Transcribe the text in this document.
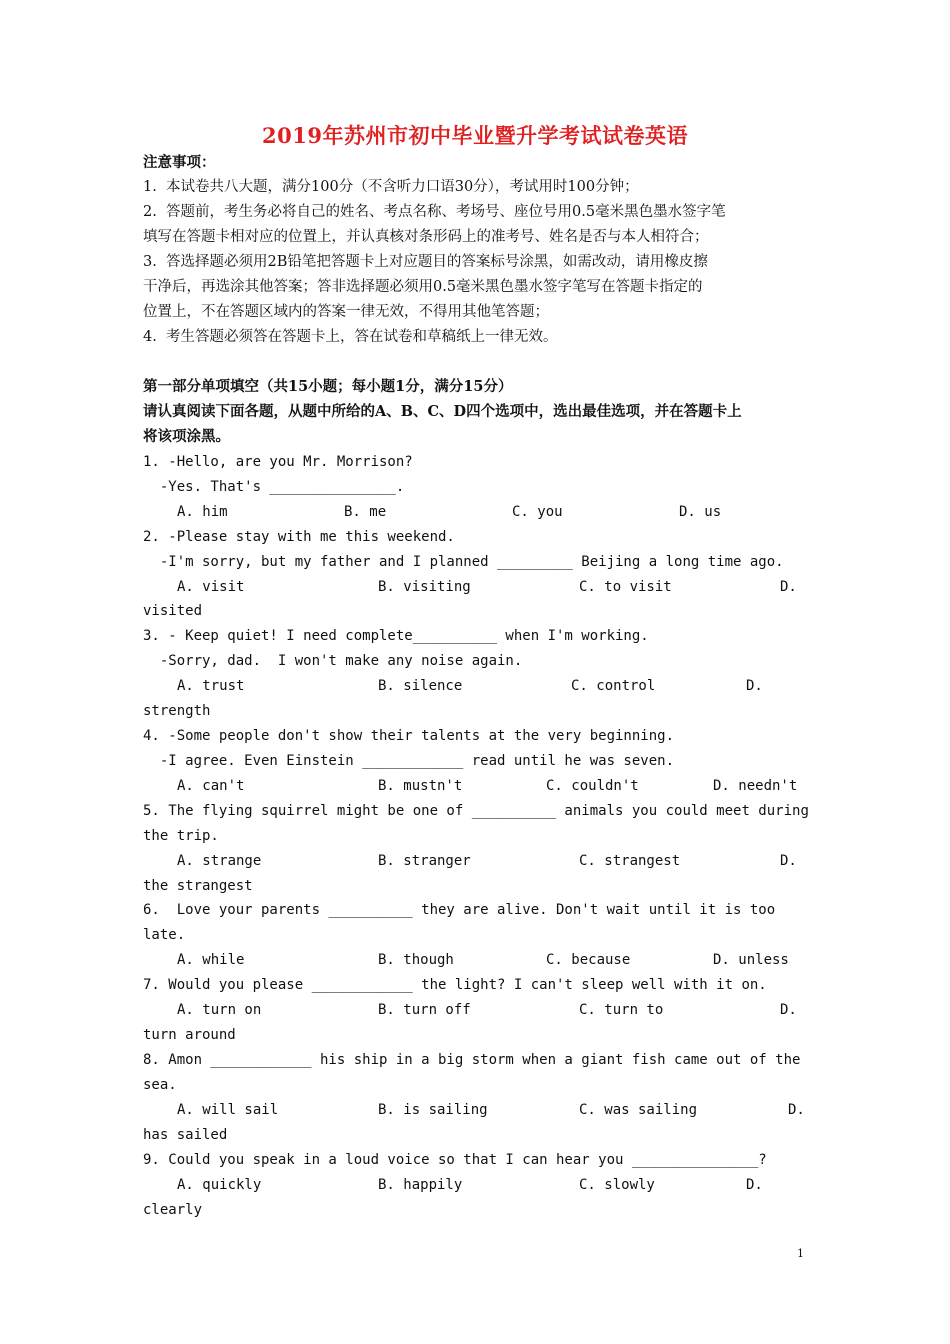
2019年苏州市初中毕业暨升学考试试卷英语
注意事项：
1.  本试卷共八大题，满分100分（不含听力口语30分），考试用时100分钟；
2.  答题前，考生务必将自己的姓名、考点名称、考场号、座位号用0.5毫米黑色墨水签字笔
填写在答题卡相对应的位置上，并认真核对条形码上的准考号、姓名是否与本人相符合；
3.  答选择题必须用2B铅笔把答题卡上对应题目的答案标号涂黑，如需改动，请用橡皮擦
干净后，再选涂其他答案；答非选择题必须用0.5毫米黑色墨水签字笔写在答题卡指定的
位置上，不在答题区域内的答案一律无效，不得用其他笔答题；
4.  考生答题必须答在答题卡上，答在试卷和草稿纸上一律无效。
第一部分单项填空（共15小题；每小题1分，满分15分）
请认真阅读下面各题，从题中所给的A、B、C、D四个选项中，选出最佳选项，并在答题卡上
将该项涂黑。
1. -Hello, are you Mr. Morrison?
-Yes. That's _______________.
A. him	B. me	C. you	D. us
2. -Please stay with me this weekend.
-I'm sorry, but my father and I planned _________ Beijing a long time ago.
A. visit	B. visiting	C. to visit	D.
visited
3. - Keep quiet! I need complete__________ when I'm working.
-Sorry, dad.  I won't make any noise again.
A. trust	B. silence	C. control	D.
strength
4. -Some people don't show their talents at the very beginning.
-I agree. Even Einstein ____________ read until he was seven.
A. can't	B. mustn't	C. couldn't	D. needn't
5. The flying squirrel might be one of __________ animals you could meet during
the trip.
A. strange	B. stranger	C. strangest	D.
the strangest
6.  Love your parents __________ they are alive. Don't wait until it is too
late.
A. while	B. though	C. because	D. unless
7. Would you please ____________ the light? I can't sleep well with it on.
A. turn on	B. turn off	C. turn to	D.
turn around
8. Amon ____________ his ship in a big storm when a giant fish came out of the
sea.
A. will sail	B. is sailing	C. was sailing	D.
has sailed
9. Could you speak in a loud voice so that I can hear you _______________?
A. quickly	B. happily	C. slowly	D.
clearly
1
